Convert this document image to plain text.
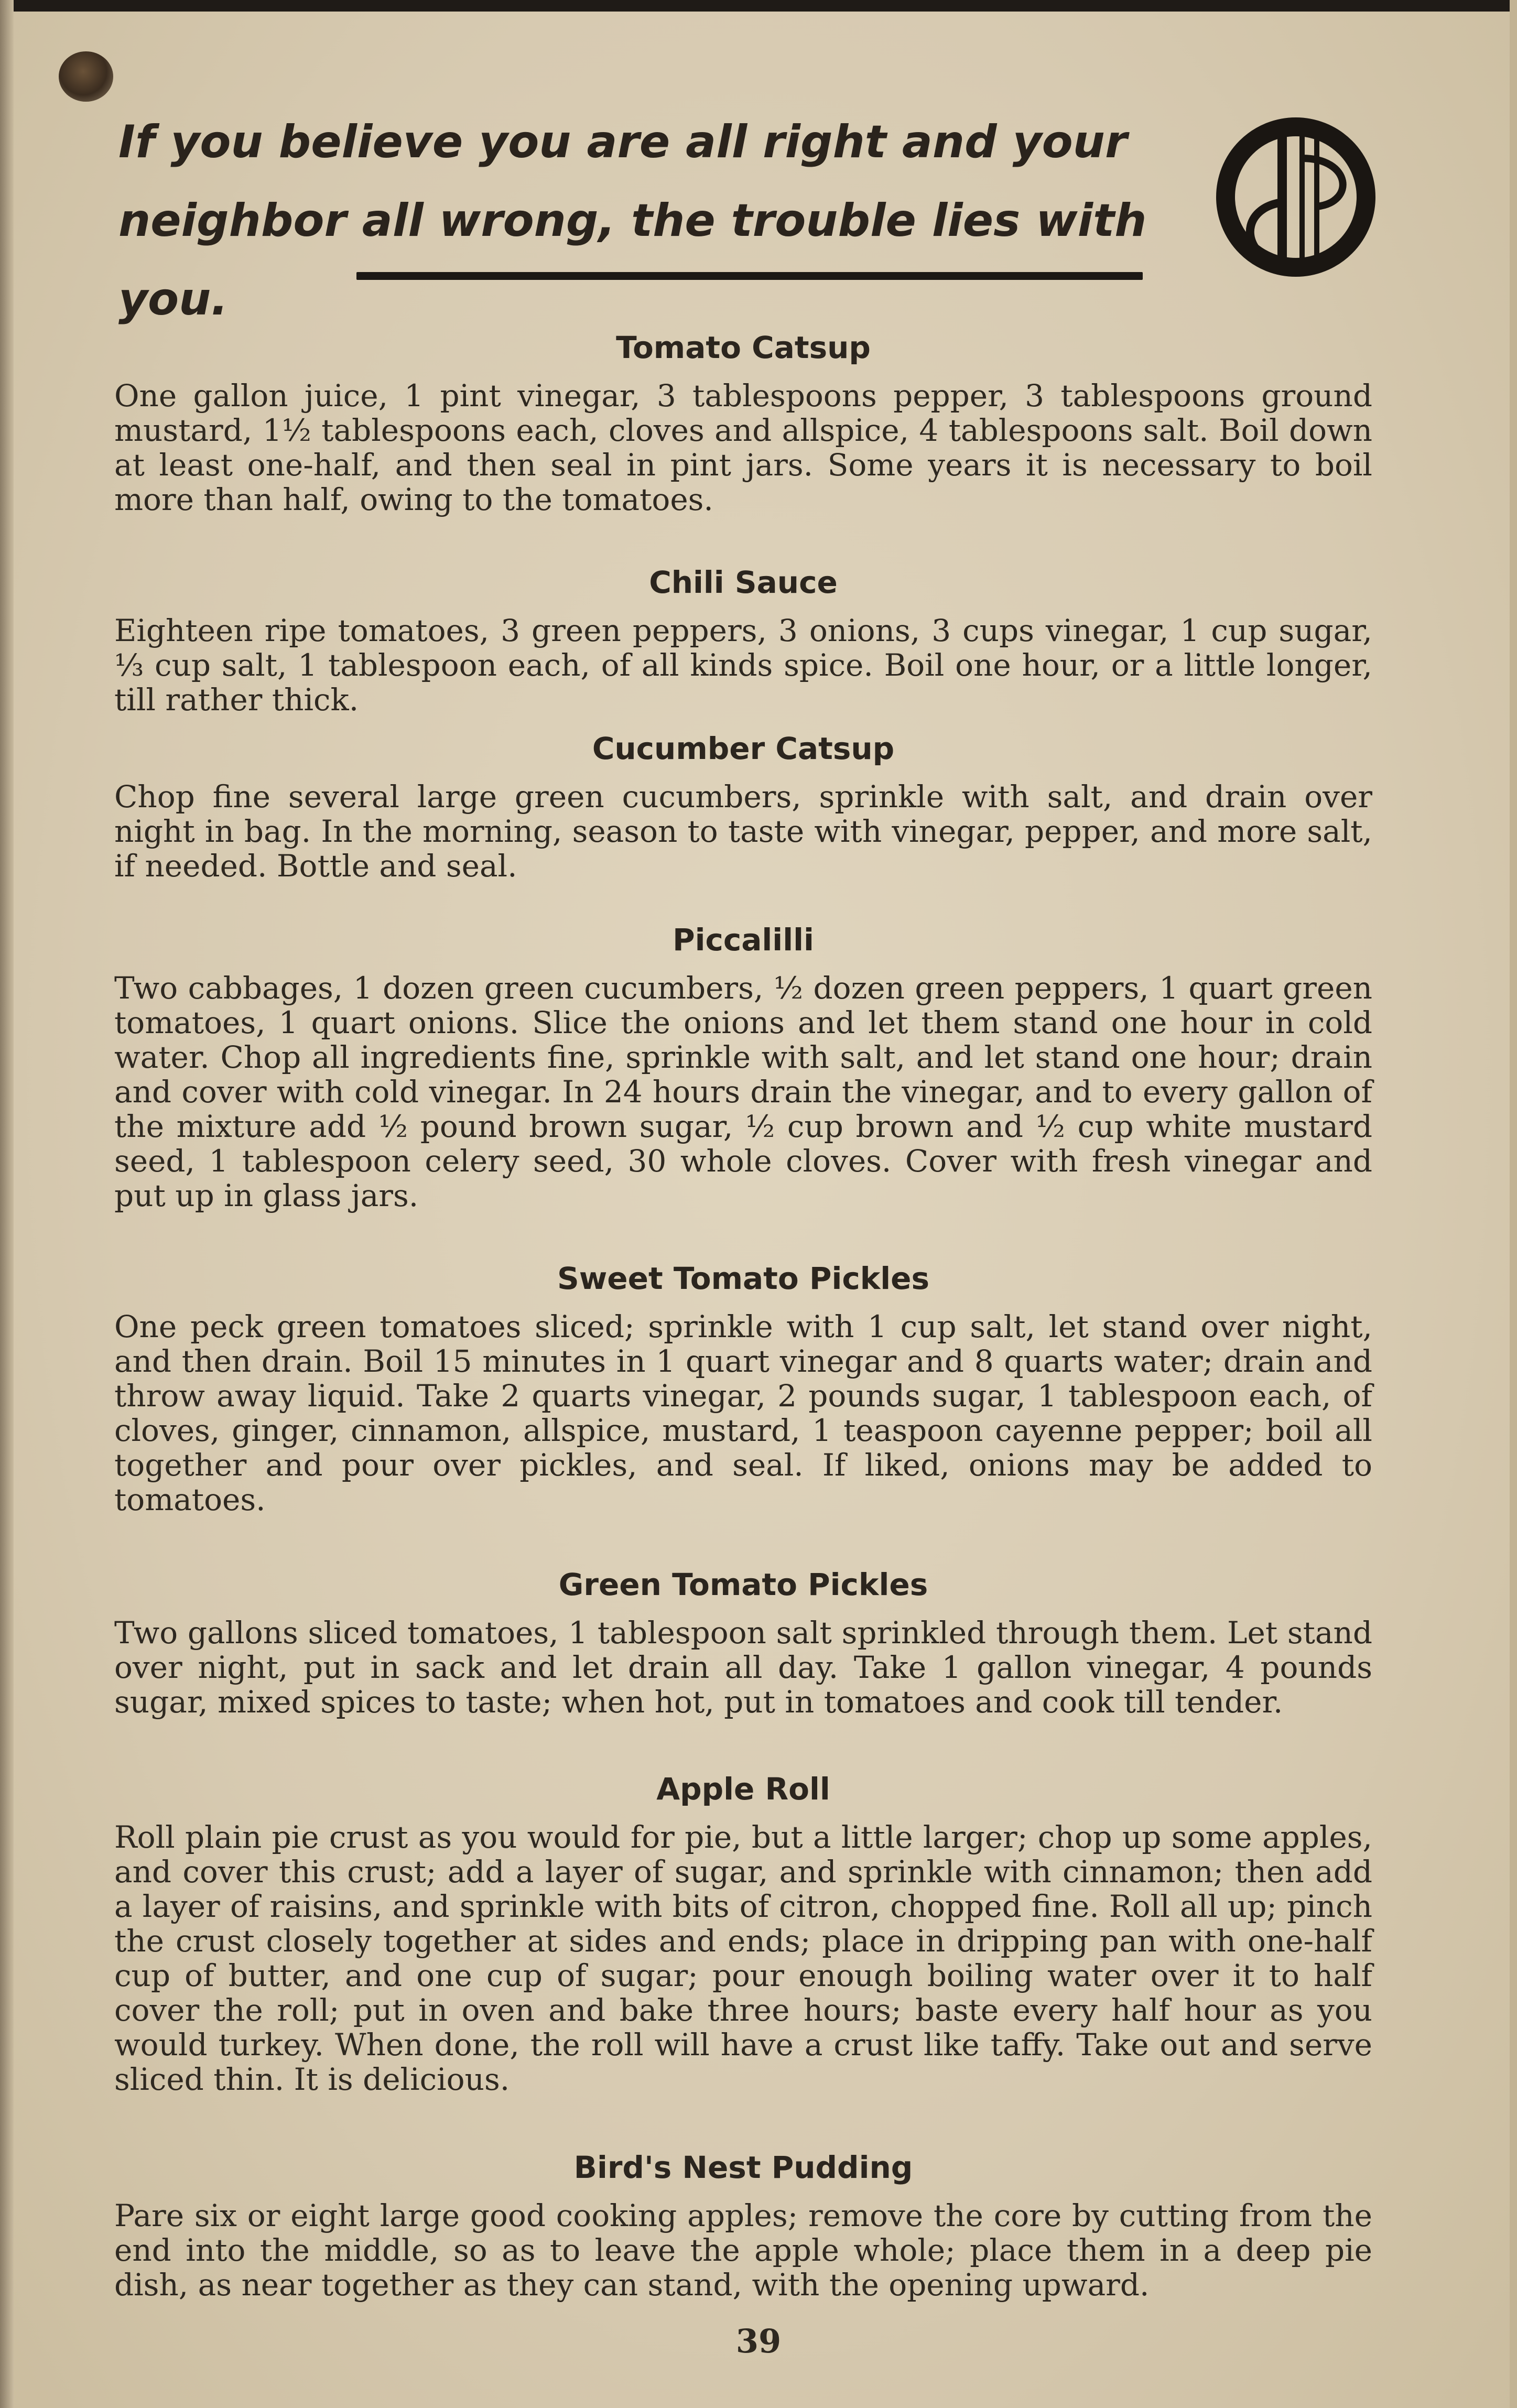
If you believe you are all right and your neighbor all wrong, the trouble lies with you.

Tomato Catsup

One gallon juice, 1 pint vinegar, 3 tablespoons pepper, 3 tablespoons ground mustard, 1½ tablespoons each, cloves and allspice, 4 tablespoons salt. Boil down at least one-half, and then seal in pint jars. Some years it is necessary to boil more than half, owing to the tomatoes.

Chili Sauce

Eighteen ripe tomatoes, 3 green peppers, 3 onions, 3 cups vinegar, 1 cup sugar, ⅓ cup salt, 1 tablespoon each, of all kinds spice. Boil one hour, or a little longer, till rather thick.

Cucumber Catsup

Chop fine several large green cucumbers, sprinkle with salt, and drain over night in bag. In the morning, season to taste with vinegar, pepper, and more salt, if needed. Bottle and seal.

Piccalilli

Two cabbages, 1 dozen green cucumbers, ½ dozen green peppers, 1 quart green tomatoes, 1 quart onions. Slice the onions and let them stand one hour in cold water. Chop all ingredients fine, sprinkle with salt, and let stand one hour; drain and cover with cold vinegar. In 24 hours drain the vinegar, and to every gallon of the mixture add ½ pound brown sugar, ½ cup brown and ½ cup white mustard seed, 1 tablespoon celery seed, 30 whole cloves. Cover with fresh vinegar and put up in glass jars.

Sweet Tomato Pickles

One peck green tomatoes sliced; sprinkle with 1 cup salt, let stand over night, and then drain. Boil 15 minutes in 1 quart vinegar and 8 quarts water; drain and throw away liquid. Take 2 quarts vinegar, 2 pounds sugar, 1 tablespoon each, of cloves, ginger, cinnamon, allspice, mustard, 1 teaspoon cayenne pepper; boil all together and pour over pickles, and seal. If liked, onions may be added to tomatoes.

Green Tomato Pickles

Two gallons sliced tomatoes, 1 tablespoon salt sprinkled through them. Let stand over night, put in sack and let drain all day. Take 1 gallon vinegar, 4 pounds sugar, mixed spices to taste; when hot, put in tomatoes and cook till tender.

Apple Roll

Roll plain pie crust as you would for pie, but a little larger; chop up some apples, and cover this crust; add a layer of sugar, and sprinkle with cinnamon; then add a layer of raisins, and sprinkle with bits of citron, chopped fine. Roll all up; pinch the crust closely together at sides and ends; place in dripping pan with one-half cup of butter, and one cup of sugar; pour enough boiling water over it to half cover the roll; put in oven and bake three hours; baste every half hour as you would turkey. When done, the roll will have a crust like taffy. Take out and serve sliced thin. It is delicious.

Bird's Nest Pudding

Pare six or eight large good cooking apples; remove the core by cutting from the end into the middle, so as to leave the apple whole; place them in a deep pie dish, as near together as they can stand, with the opening upward.

39
